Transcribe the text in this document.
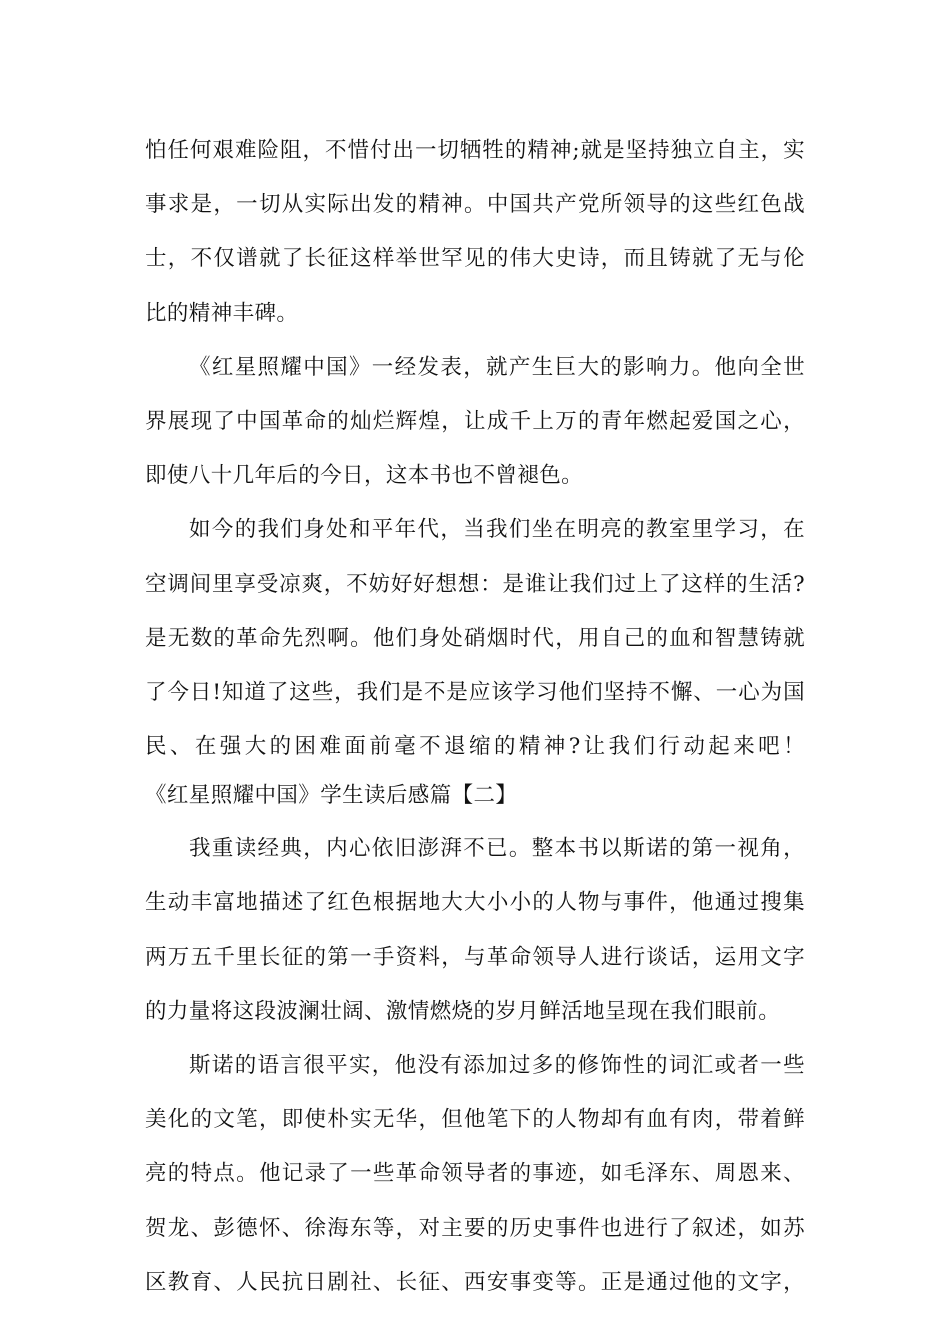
怕任何艰难险阻，不惜付出一切牺牲的精神;就是坚持独立自主，实
事求是，一切从实际出发的精神。中国共产党所领导的这些红色战
士，不仅谱就了长征这样举世罕见的伟大史诗，而且铸就了无与伦
比的精神丰碑。
《红星照耀中国》一经发表，就产生巨大的影响力。他向全世
界展现了中国革命的灿烂辉煌，让成千上万的青年燃起爱国之心，
即使八十几年后的今日，这本书也不曾褪色。
如今的我们身处和平年代，当我们坐在明亮的教室里学习，在
空调间里享受凉爽，不妨好好想想：是谁让我们过上了这样的生活?
是无数的革命先烈啊。他们身处硝烟时代，用自己的血和智慧铸就
了今日!知道了这些，我们是不是应该学习他们坚持不懈、一心为国
民、在强大的困难面前毫不退缩的精神?让我们行动起来吧！
《红星照耀中国》学生读后感篇【二】
我重读经典，内心依旧澎湃不已。整本书以斯诺的第一视角，
生动丰富地描述了红色根据地大大小小的人物与事件，他通过搜集
两万五千里长征的第一手资料，与革命领导人进行谈话，运用文字
的力量将这段波澜壮阔、激情燃烧的岁月鲜活地呈现在我们眼前。
斯诺的语言很平实，他没有添加过多的修饰性的词汇或者一些
美化的文笔，即使朴实无华，但他笔下的人物却有血有肉，带着鲜
亮的特点。他记录了一些革命领导者的事迹，如毛泽东、周恩来、
贺龙、彭德怀、徐海东等，对主要的历史事件也进行了叙述，如苏
区教育、人民抗日剧社、长征、西安事变等。正是通过他的文字，
